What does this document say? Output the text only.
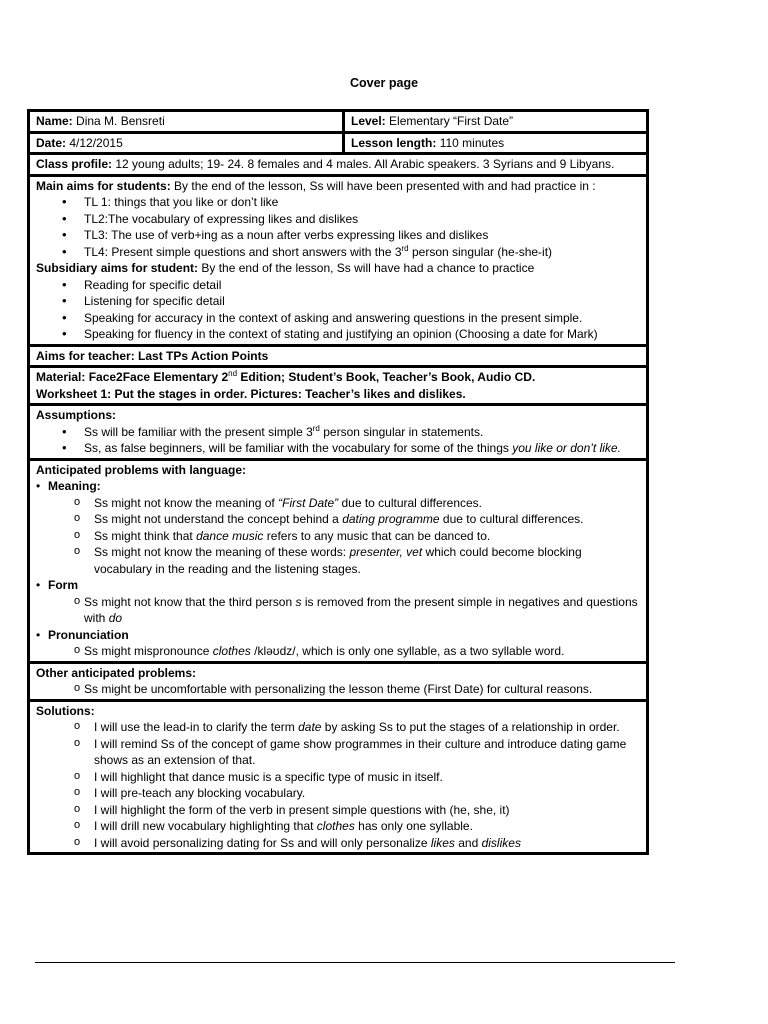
Cover page
Name: Dina M. Bensreti	Level: Elementary “First Date”
Date: 4/12/2015	Lesson length: 110 minutes
Class profile: 12 young adults; 19- 24. 8 females and 4 males. All Arabic speakers. 3 Syrians and 9 Libyans.
Main aims for students: By the end of the lesson, Ss will have been presented with and had practice in :
• TL 1: things that you like or don’t like
• TL2:The vocabulary of expressing likes and dislikes
• TL3: The use of verb+ing as a noun after verbs expressing likes and dislikes
• TL4: Present simple questions and short answers with the 3rd person singular (he-she-it)
Subsidiary aims for student: By the end of the lesson, Ss will have had a chance to practice
• Reading for specific detail
• Listening for specific detail
• Speaking for accuracy in the context of asking and answering questions in the present simple.
• Speaking for fluency in the context of stating and justifying an opinion (Choosing a date for Mark)
Aims for teacher: Last TPs Action Points
Material: Face2Face Elementary 2nd Edition; Student’s Book, Teacher’s Book, Audio CD.
Worksheet 1: Put the stages in order. Pictures: Teacher’s likes and dislikes.
Assumptions:
• Ss will be familiar with the present simple 3rd person singular in statements.
• Ss, as false beginners, will be familiar with the vocabulary for some of the things you like or don’t like.
Anticipated problems with language:
• Meaning:
o Ss might not know the meaning of “First Date” due to cultural differences.
o Ss might not understand the concept behind a dating programme due to cultural differences.
o Ss might think that dance music refers to any music that can be danced to.
o Ss might not know the meaning of these words: presenter, vet which could become blocking vocabulary in the reading and the listening stages.
• Form
o Ss might not know that the third person s is removed from the present simple in negatives and questions with do
• Pronunciation
o Ss might mispronounce clothes /kləʊdz/, which is only one syllable, as a two syllable word.
Other anticipated problems:
o Ss might be uncomfortable with personalizing the lesson theme (First Date) for cultural reasons.
Solutions:
o I will use the lead-in to clarify the term date by asking Ss to put the stages of a relationship in order.
o I will remind Ss of the concept of game show programmes in their culture and introduce dating game shows as an extension of that.
o I will highlight that dance music is a specific type of music in itself.
o I will pre-teach any blocking vocabulary.
o I will highlight the form of the verb in present simple questions with (he, she, it)
o I will drill new vocabulary highlighting that clothes has only one syllable.
o I will avoid personalizing dating for Ss and will only personalize likes and dislikes
